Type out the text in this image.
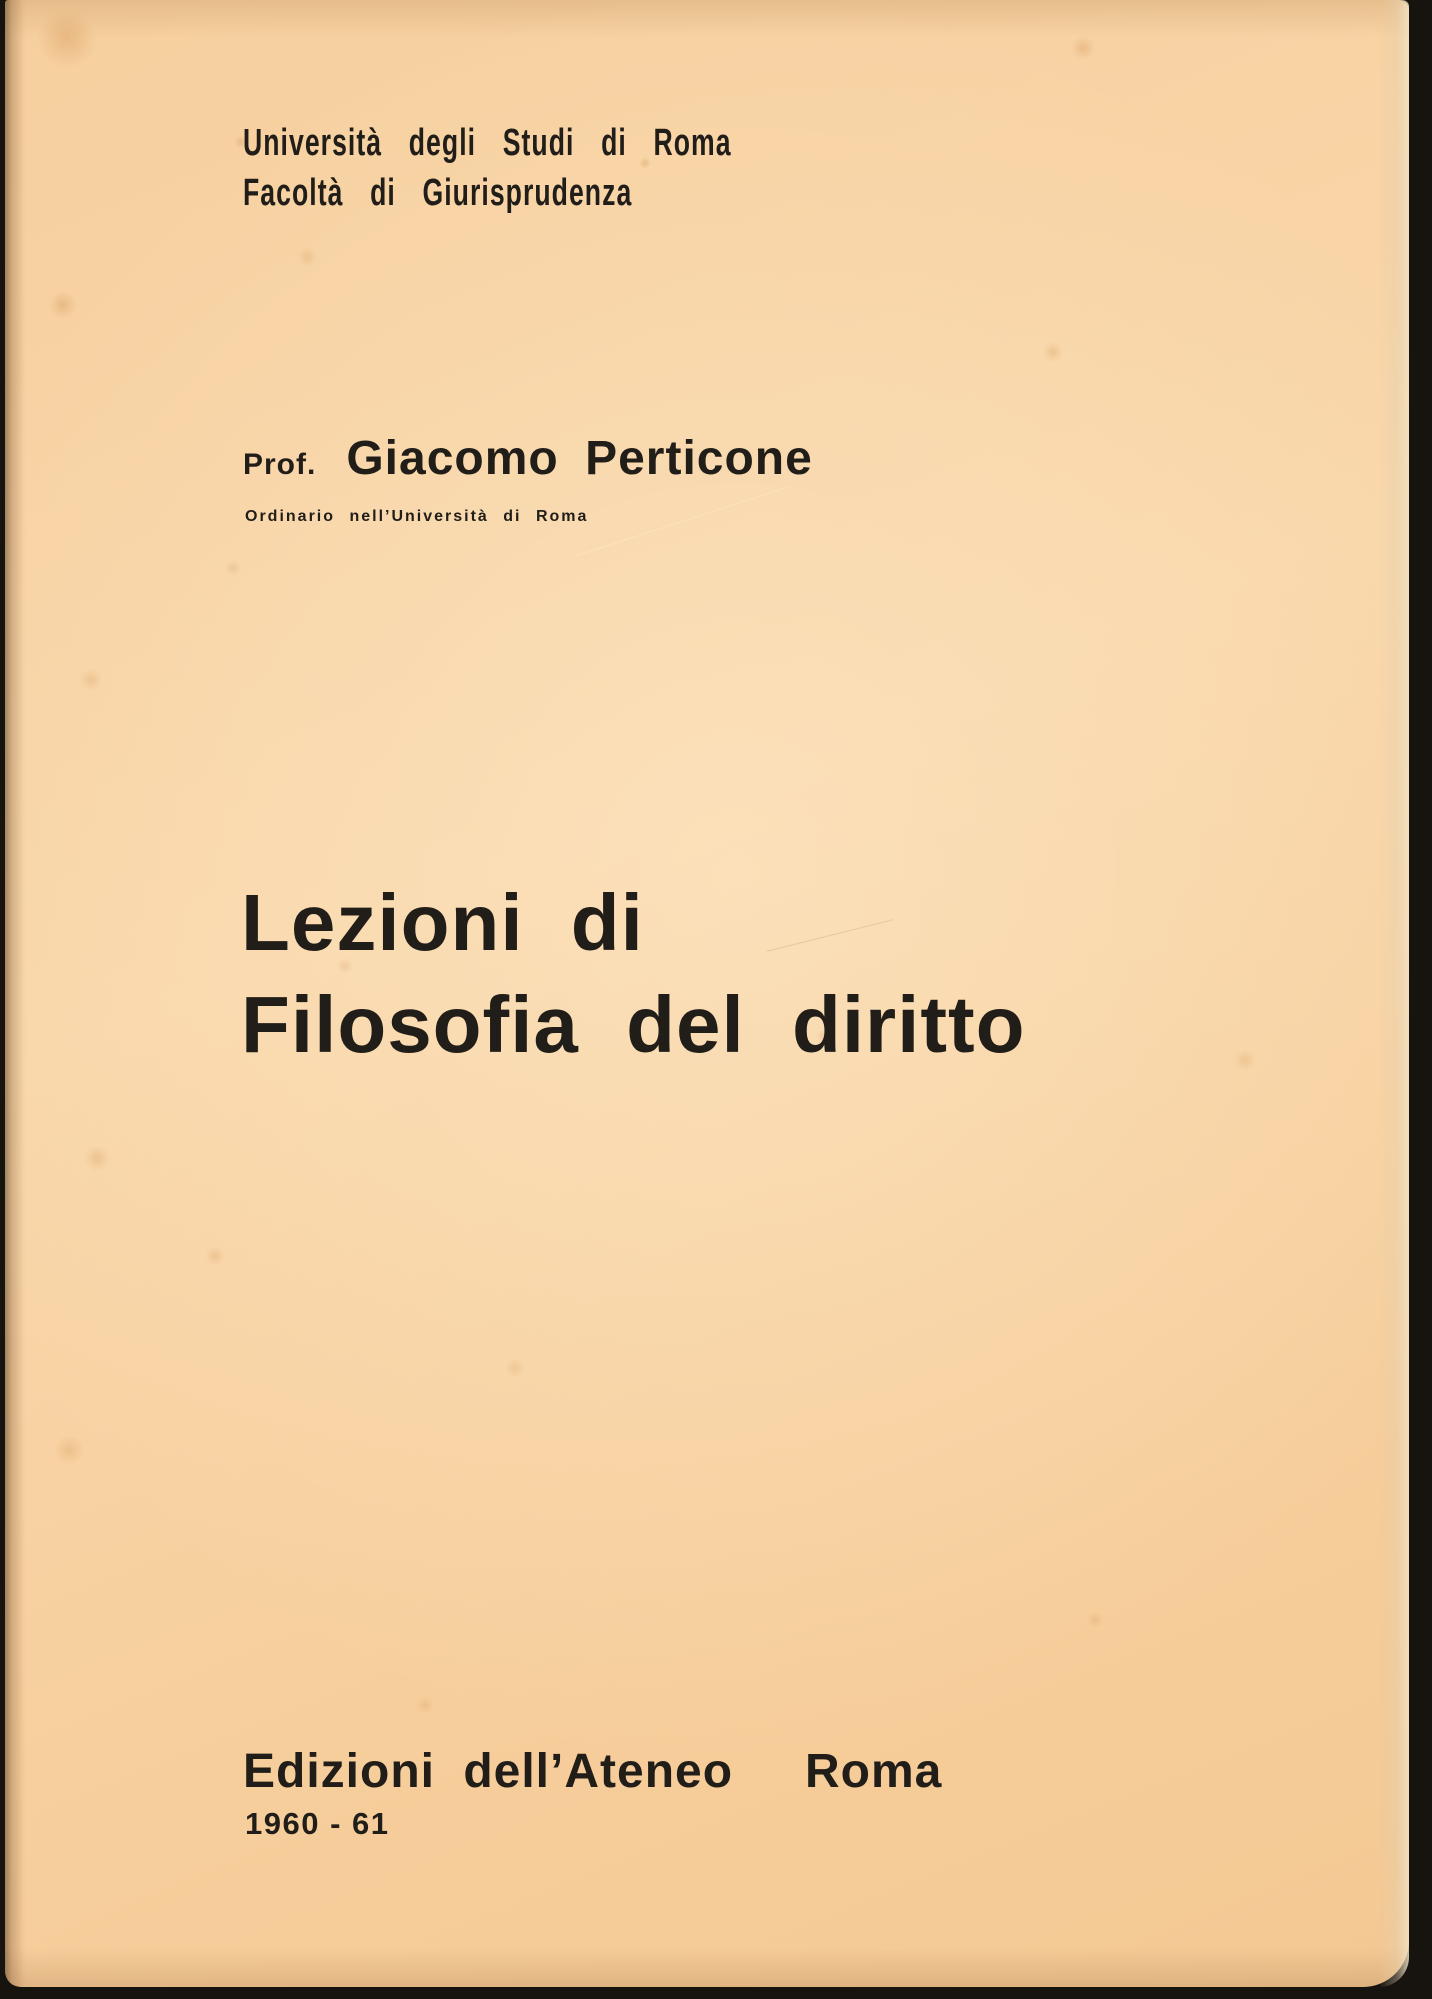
Università degli Studi di Roma
Facoltà di Giurisprudenza
Prof. Giacomo Perticone
Ordinario nell’Università di Roma
Lezioni di
Filosofia del diritto
Edizioni dell’Ateneo Roma
1960 - 61
